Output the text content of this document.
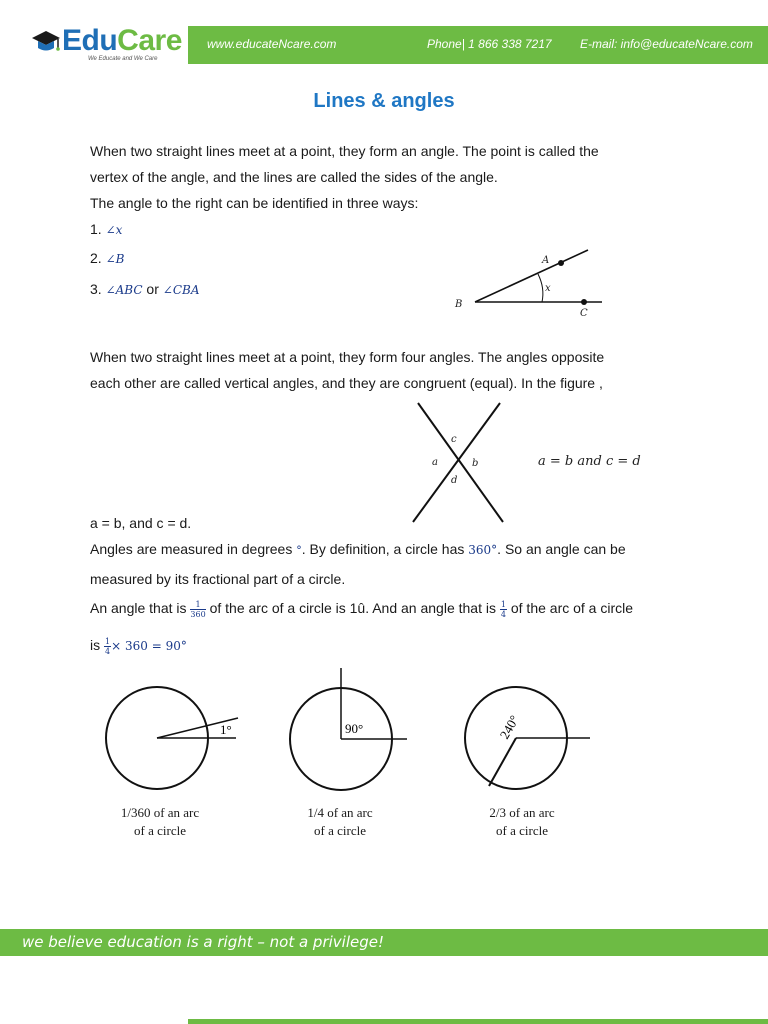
EduCare
We Educate and We Care
www.educateNcare.com	Phone| 1 866 338 7217 E-mail: info@educateNcare.com
Lines & angles
When two straight lines meet at a point, they form an angle. The point is called the
vertex of the angle, and the lines are called the sides of the angle.
The angle to the right can be identified in three ways:
1. ∠x
2. ∠B
3. ∠ABC or ∠CBA
A
B
C
x
When two straight lines meet at a point, they form four angles. The angles opposite
each other are called vertical angles, and they are congruent (equal). In the figure ,
c
a	b
d
a = b and c = d
a = b, and c = d.
Angles are measured in degrees °. By definition, a circle has 360°. So an angle can be
measured by its fractional part of a circle.
An angle that is $\frac{1}{360}$ of the arc of a circle is 1û. And an angle that is $\frac{1}{4}$ of the arc of a circle
is $\frac{1}{4} \times 360 = 90^\circ$
1°
1/360 of an arc
of a circle
90°
1/4 of an arc
of a circle
240°
2/3 of an arc
of a circle
we believe education is a right – not a privilege!
